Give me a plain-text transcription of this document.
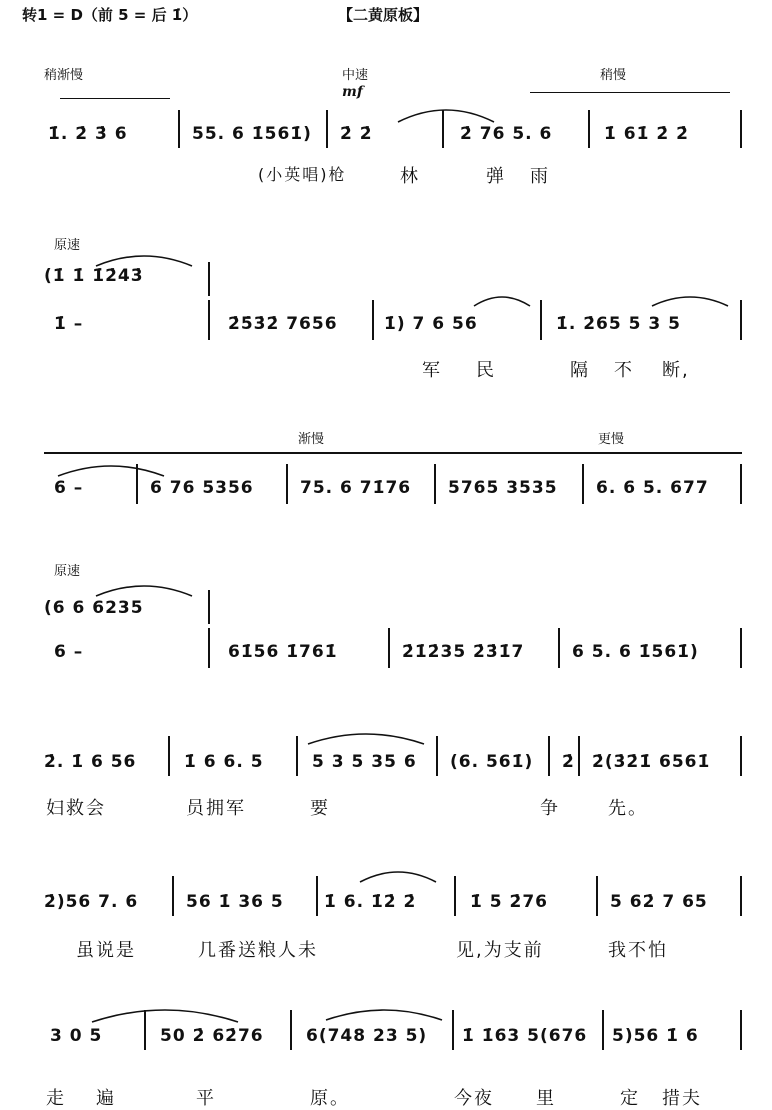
转1 = D（前 5 = 后 1̇）	【二黄原板】
稍渐慢	中速	稍慢
mf
1̇. 2̇ 3̇ 6	55. 6 1̇561̇) 2̇ 2̇	2̇ 76 5. 6	1̇ 61̇ 2̇ 2̇
(小英唱)枪	林	弹 雨
原速
(1̇ 1̇ 1̇2̇43̇
1̇ –	2̇5̇3̇2̇ 7656	1̇) 7 6 56	1̇. 2̇65 5 3 5
军 民	隔 不 断,
渐慢	更慢
6 –	6 76 5356	75. 6 71̇76 5765 3535 6. 6 5. 677
原速
(6 6 6235
6 –	61̇56 1̇761̇	2̇1̇2̇35 2̇3̇1̇7	6 5. 6 1̇561̇)
2̇. 1̇ 6 56	1̇ 6 6. 5	5 3 5 35 6 (6. 561̇) 2̇ 2̇(3̇2̇1̇ 6561̇
妇救会	员拥军	要	争	先。
2̇)56 7. 6	56 1̇ 36 5 1̇ 6. 1̇2̇ 2̇	1̇ 5 2̇76	5 62̇ 7 65
虽说是	几番送粮人未	见,为支前	我不怕
3 0 5	50 2̇ 62̇76 6(748 23 5) 1̇ 1̇63 5(676 5)56 1̇ 6
走 遍	平	原。	今夜 里	定 措夫
